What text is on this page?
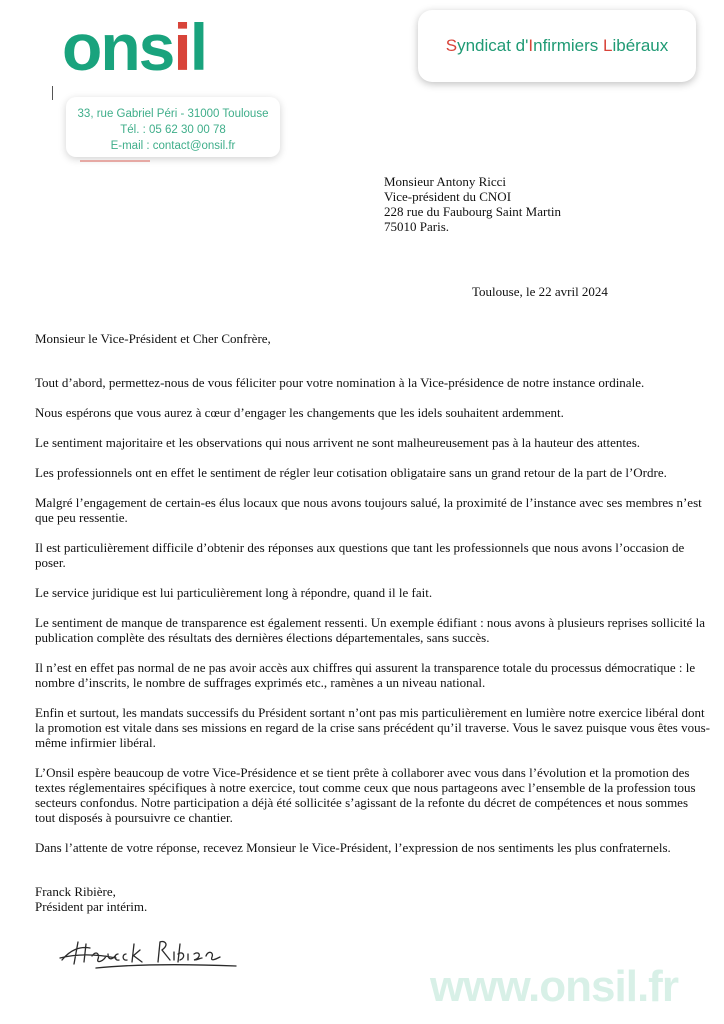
onsil	Syndicat d'Infirmiers Libéraux
33, rue Gabriel Péri - 31000 Toulouse
Tél. : 05 62 30 00 78
E-mail : contact@onsil.fr
Monsieur Antony Ricci
Vice-président du CNOI
228 rue du Faubourg Saint Martin
75010 Paris.
Toulouse, le 22 avril 2024
Monsieur le Vice-Président et Cher Confrère,

Tout d’abord, permettez-nous de vous féliciter pour votre nomination à la Vice-présidence de notre instance ordinale.

Nous espérons que vous aurez à cœur d’engager les changements que les idels souhaitent ardemment.

Le sentiment majoritaire et les observations qui nous arrivent ne sont malheureusement pas à la hauteur des attentes.

Les professionnels ont en effet le sentiment de régler leur cotisation obligataire sans un grand retour de la part de l’Ordre.

Malgré l’engagement de certain-es élus locaux que nous avons toujours salué, la proximité de l’instance avec ses membres n’est que peu ressentie.

Il est particulièrement difficile d’obtenir des réponses aux questions que tant les professionnels que nous avons l’occasion de poser.

Le service juridique est lui particulièrement long à répondre, quand il le fait.

Le sentiment de manque de transparence est également ressenti. Un exemple édifiant : nous avons à plusieurs reprises sollicité la publication complète des résultats des dernières élections départementales, sans succès.

Il n’est en effet pas normal de ne pas avoir accès aux chiffres qui assurent la transparence totale du processus démocratique : le nombre d’inscrits, le nombre de suffrages exprimés etc., ramènes a un niveau national.

Enfin et surtout, les mandats successifs du Président sortant n’ont pas mis particulièrement en lumière notre exercice libéral dont la promotion est vitale dans ses missions en regard de la crise sans précédent qu’il traverse. Vous le savez puisque vous êtes vous-même infirmier libéral.

L’Onsil espère beaucoup de votre Vice-Présidence et se tient prête à collaborer avec vous dans l’évolution et la promotion des textes réglementaires spécifiques à notre exercice, tout comme ceux que nous partageons avec l’ensemble de la profession tous secteurs confondus. Notre participation a déjà été sollicitée s’agissant de la refonte du décret de compétences et nous sommes tout disposés à poursuivre ce chantier.

Dans l’attente de votre réponse, recevez Monsieur le Vice-Président, l’expression de nos sentiments les plus confraternels.

Franck Ribière,
Président par intérim.
www.onsil.fr
